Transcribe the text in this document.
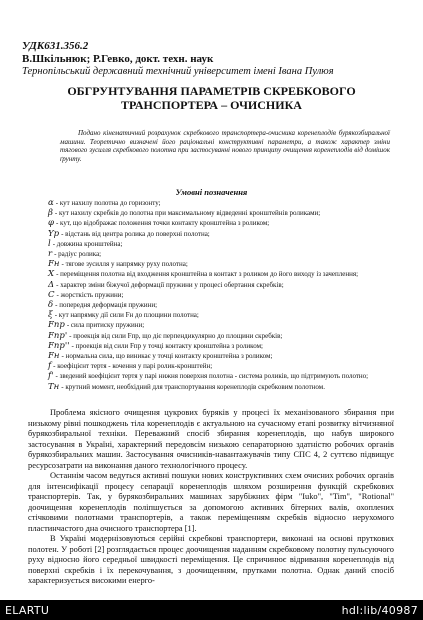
УДК631.356.2
В.Шкільнюк; Р.Гевко, докт. техн. наук
Тернопільський державний технічний університет імені Івана Пулюя
ОБГРУНТУВАННЯ ПАРАМЕТРІВ СКРЕБКОВОГО
ТРАНСПОРТЕРА – ОЧИСНИКА
Подано кінематичний розрахунок скребкового транспортера-очисника коренеплодів бурякозбиральної машини. Теоретично визначені його раціональні конструктивні параметри, а також характер зміни тягового зусилля скребкового полотна при застосуванні нового принципу очищення коренеплодів від домішок ґрунту.
Умовні позначення
α - кут нахилу полотна до горизонту;
β - кут нахилу скребків до полотна при максимальному відведенні кронштейнів роликами;
φ - кут, що відображає положення точки контакту кронштейна з роликом;
Yp - відстань від центра ролика до поверхні полотна;
l - довжина кронштейна;
r - радіус ролика;
Fн - тягове зусилля у напрямку руху полотна;
X - переміщення полотна від входження кронштейна в контакт з роликом до його виходу із зачеплення;
Δ - характер зміни біжучої деформації пружини у процесі обертання скребків;
C - жорсткість пружини;
δ - попередня деформація пружини;
ξ - кут напрямку дії сили Fн до площини полотна;
Fпр - сила притиску пружини;
Fпр' - проекція від сили Fпр, що діє перпендикулярно до площини скребків;
Fпр'' - проекція від сили Fпр у точці контакту кронштейна з роликом;
Fн - нормальна сила, що виникає у точці контакту кронштейна з роликом;
f - коефіцієнт тертя - кочення у парі ролик-кронштейн;
f' - зведений коефіцієнт тертя у парі нижня поверхня полотна - система роликів, що підтримують полотно;
Tн - крутний момент, необхідний для транспортування коренеплодів скребковим полотном.

Проблема якісного очищення цукрових буряків у процесі їх механізованого збирання при низькому рівні пошкоджень тіла коренеплодів є актуальною на сучасному етапі розвитку вітчизняної бурякозбиральної техніки. Переважний спосіб збирання коренеплодів, що набув широкого застосування в Україні, характерний передовсім низькою сепараторною здатністю робочих органів бурякозбиральних машин. Застосування очисників-навантажувачів типу СПС 4, 2 суттєво підвищує ресурсозатрати на виконання даного технологічного процесу.

Останнім часом ведуться активні пошуки нових конструктивних схем очисних робочих органів для інтенсифікації процесу сепарації коренеплодів шляхом розширення функцій скребкових транспортерів. Так, у бурякозбиральних машинах зарубіжних фірм "Iuko", "Tim", "Rotional" доочищення коренеплодів поліпшується за допомогою активних бітерних валів, охоплених стічковими полотнами транспортерів, а також переміщенням скребків відносно нерухомого пластинчастого дна очисного транспортера [1].

В Україні модернізовуються серійні скребкові транспортери, виконані на основі пруткових полотен. У роботі [2] розглядається процес доочищення наданням скребковому полотну пульсуючого руху відносно його середньої швидкості переміщення. Це спричинює відривання коренеплодів від поверхні скребків і їх перекочування, з доочищенням, прутками полотна. Однак даний спосіб характеризується високими енерго-

ELARTU	hdl:lib/40987
